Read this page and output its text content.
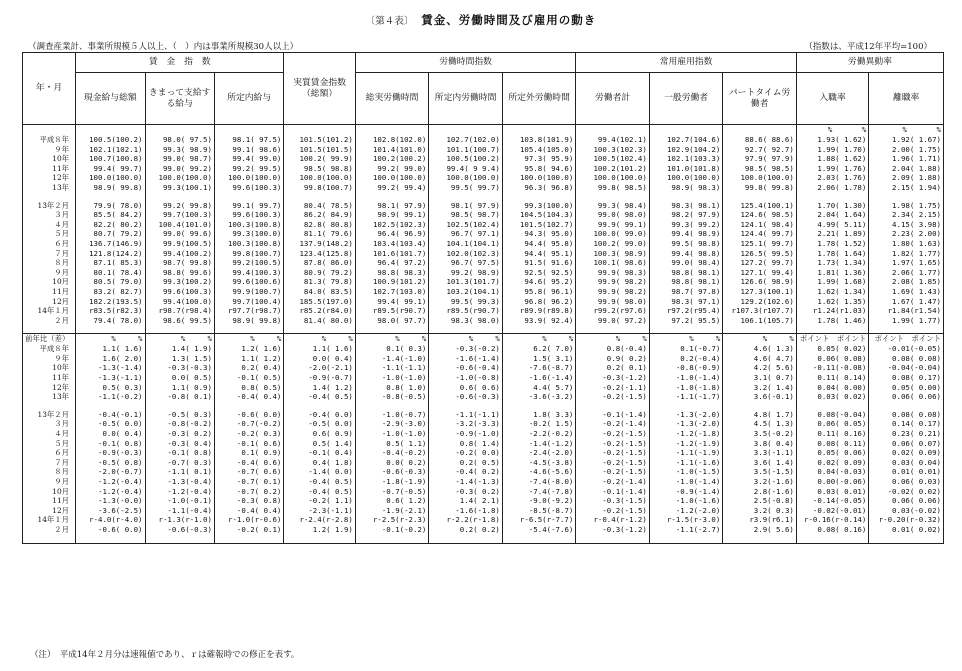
〔第４表〕 賃金、労働時間及び雇用の動き
（調査産業計、事業所規模５人以上、（　）内は事業所規模30人以上）	（指数は、平成12年平均=100）
年・月	賃　金　指　数			実質賃金指数（総額）	労働時間指数			常用雇用指数			労働異動率	
	現金給与総額	きまって支給する給与	所定内給与		総実労働時間	所定内労働時間	所定外労働時間	労働者計	一般労働者	パートタイム労働者	入職率	離職率
											%　　　　%	%　　　　%
平成８年	100.5(100.2)	98.0( 97.5)	98.1( 97.5)	101.5(101.2)	102.8(102.0)	102.7(102.0)	103.8(101.9)	99.4(102.1)	102.7(104.6)	88.6( 88.6)	1.93( 1.62)	1.92( 1.67)
９年	102.1(102.1)	99.3( 98.9)	99.1( 98.6)	101.5(101.5)	101.4(101.0)	101.1(100.7)	105.4(105.0)	100.3(102.3)	102.9(104.2)	92.7( 92.7)	1.99( 1.70)	2.00( 1.75)
10年	100.7(100.8)	99.0( 98.7)	99.4( 99.0)	100.2( 99.9)	100.2(100.2)	100.5(100.2)	97.3( 95.9)	100.5(102.4)	102.1(103.3)	97.9( 97.9)	1.88( 1.62)	1.96( 1.71)
11年	99.4( 99.7)	99.0( 99.2)	99.2( 99.5)	98.5( 98.8)	99.2( 99.0)	99.4( 9 9.4)	95.8( 94.6)	100.2(101.2)	101.0(101.8)	98.5( 98.5)	1.99( 1.76)	2.04( 1.88)
12年	100.0(100.0)	100.0(100.0)	100.0(100.0)	100.0(100.0)	100.0(100.0)	100.0(100.0)	100.0(100.0)	100.0(100.0)	100.0(100.0)	100.0(100.0)	2.03( 1.76)	2.09( 1.88)
13年	98.9( 99.8)	99.3(100.1)	99.6(100.3)	99.8(100.7)	99.2( 99.4)	99.5( 99.7)	96.3( 96.8)	99.8( 98.5)	98.9( 98.3)	99.8( 99.8)	2.06( 1.78)	2.15( 1.94)

13年２月	79.9( 78.0)	99.2( 99.8)	99.1( 99.7)	80.4( 78.5)	98.1( 97.9)	98.1( 97.9)	99.3(100.0)	99.3( 98.4)	98.3( 98.1)	125.4(100.1)	1.70( 1.30)	1.98( 1.75)
３月	85.5( 84.2)	99.7(100.3)	99.6(100.3)	86.2( 84.9)	98.9( 99.1)	98.5( 98.7)	104.5(104.3)	99.0( 98.0)	98.2( 97.9)	124.6( 98.5)	2.04( 1.64)	2.34( 2.15)
４月	82.2( 80.2)	100.4(101.0)	100.3(100.8)	82.8( 80.8)	102.5(102.3)	102.5(102.4)	101.5(102.7)	99.9( 99.1)	99.3( 99.2)	124.1( 98.4)	4.99( 5.11)	4.15( 3.98)
５月	80.7( 79.2)	99.0( 99.6)	99.3(100.0)	81.1( 79.6)	96.4( 96.9)	96.7( 97.1)	94.3( 95.0)	100.0( 99.0)	99.4( 98.9)	124.4( 99.7)	2.21( 1.89)	2.23( 2.00)
６月	136.7(146.9)	99.9(100.5)	100.3(100.8)	137.9(148.2)	103.4(103.4)	104.1(104.1)	94.4( 95.8)	100.2( 99.0)	99.5( 98.8)	125.1( 99.7)	1.78( 1.52)	1.80( 1.63)
７月	121.8(124.2)	99.4(100.2)	99.8(100.7)	123.4(125.8)	101.6(101.7)	102.0(102.3)	94.4( 95.1)	100.3( 98.9)	99.4( 98.8)	126.5( 99.5)	1.78( 1.64)	1.82( 1.77)
８月	87.1( 85.3)	98.7( 99.8)	99.2(100.5)	87.8( 86.0)	96.4( 97.2)	96.7( 97.5)	91.5( 91.6)	100.1( 98.6)	99.0( 98.4)	127.2( 99.7)	1.73( 1.34)	1.97( 1.65)
９月	80.1( 78.4)	98.8( 99.6)	99.4(100.3)	80.9( 79.2)	98.8( 98.3)	99.2( 98.9)	92.5( 92.5)	99.9( 98.3)	98.8( 98.1)	127.1( 99.4)	1.81( 1.36)	2.06( 1.77)
10月	80.5( 79.0)	99.3(100.2)	99.6(100.6)	81.3( 79.8)	100.9(101.2)	101.3(101.7)	94.6( 95.2)	99.9( 98.2)	98.8( 98.1)	126.6( 98.9)	1.99( 1.68)	2.08( 1.85)
11月	83.2( 82.7)	99.6(100.3)	99.9(100.7)	84.0( 83.5)	102.7(103.0)	103.2(104.1)	95.8( 96.1)	99.9( 98.2)	98.7( 97.8)	127.3(100.1)	1.62( 1.34)	1.69( 1.43)
12月	182.2(193.5)	99.4(100.0)	99.7(100.4)	185.5(197.0)	99.4( 99.1)	99.5( 99.3)	96.8( 96.2)	99.9( 98.0)	98.3( 97.1)	129.2(102.6)	1.62( 1.35)	1.67( 1.47)
14年１月	r83.5(r82.3)	r98.7(r98.4)	r97.7(r98.7)	r85.2(r84.0)	r89.5(r90.7)	r89.5(r90.7)	r89.9(r89.8)	r99.2(r97.6)	r97.2(r95.4)	r107.3(r107.7)	r1.24(r1.03)	r1.84(r1.54)
２月	79.4( 78.0)	98.6( 99.5)	98.9( 99.8)	81.4( 80.0)	98.0( 97.7)	98.3( 98.0)	93.9( 92.4)	99.0( 97.2)	97.2( 95.5)	106.1(105.7)	1.78( 1.46)	1.99( 1.77)

前年比（差）	%　　　%	%　　　%	%　　　%	%　　　%	%　　　%	%　　　%	%　　　%	%　　　%	%　　　%	%　　　%	ポイント　ポイント	ポイント　ポイント
平成８年	1.1( 1.6)	1.4( 1.9)	1.2( 1.6)	1.1( 1.6)	0.1( 0.3)	-0.3(-0.2)	6.2( 7.0)	0.8(-0.4)	0.1(-0.7)	4.6( 1.3)	0.05( 0.02)	-0.01(-0.05)
９年	1.6( 2.0)	1.3( 1.5)	1.1( 1.2)	0.0( 0.4)	-1.4(-1.0)	-1.6(-1.4)	1.5( 3.1)	0.9( 0.2)	0.2(-0.4)	4.6( 4.7)	0.06( 0.08)	0.08( 0.08)
10年	-1.3(-1.4)	-0.3(-0.3)	0.2( 0.4)	-2.0(-2.1)	-1.1(-1.1)	-0.6(-0.4)	-7.6(-8.7)	0.2( 0.1)	-0.8(-0.9)	4.2( 5.6)	-0.11(-0.08)	-0.04(-0.04)
11年	-1.3(-1.1)	0.0( 0.5)	-0.1( 0.5)	-0.9(-0.7)	-1.0(-1.0)	-1.0(-0.8)	-1.6(-1.4)	-0.3(-1.2)	-1.0(-1.4)	3.1( 0.7)	0.11( 0.14)	0.08( 0.17)
12年	0.5( 0.3)	1.1( 0.9)	0.8( 0.5)	1.4( 1.2)	0.8( 1.0)	0.6( 0.6)	4.4( 5.7)	-0.2(-1.1)	-1.0(-1.8)	3.2( 1.4)	0.04( 0.00)	0.05( 0.00)
13年	-1.1(-0.2)	-0.8( 0.1)	-0.4( 0.4)	-0.4( 0.5)	-0.8(-0.5)	-0.6(-0.3)	-3.6(-3.2)	-0.2(-1.5)	-1.1(-1.7)	3.6(-0.1)	0.03( 0.02)	0.06( 0.06)

13年２月	-0.4(-0.1)	-0.5( 0.3)	-0.6( 0.0)	-0.4( 0.0)	-1.0(-0.7)	-1.1(-1.1)	1.8( 3.3)	-0.1(-1.4)	-1.3(-2.0)	4.8( 1.7)	0.08(-0.04)	0.08( 0.08)
３月	-0.5( 0.0)	-0.8(-0.2)	-0.7(-0.2)	-0.5( 0.0)	-2.9(-3.0)	-3.2(-3.3)	-0.2( 1.5)	-0.2(-1.4)	-1.3(-2.0)	4.5( 1.3)	0.06( 0.05)	0.14( 0.17)
４月	0.0( 0.4)	-0.3( 0.2)	-0.2( 0.3)	0.6( 0.9)	-1.0(-1.0)	-0.9(-1.0)	-2.2(-0.2)	-0.2(-1.5)	-1.2(-1.8)	3.5(-0.2)	0.11( 0.16)	0.23( 0.21)
５月	-0.1( 0.8)	-0.3( 0.4)	-0.1( 0.6)	0.5( 1.4)	0.5( 1.1)	0.8( 1.4)	-1.4(-1.2)	-0.2(-1.5)	-1.2(-1.9)	3.8( 0.4)	0.08( 0.11)	0.06( 0.07)
６月	-0.9(-0.3)	-0.1( 0.8)	0.1( 0.9)	-0.1( 0.4)	-0.4(-0.2)	-0.2( 0.0)	-2.4(-2.0)	-0.2(-1.5)	-1.1(-1.9)	3.3(-1.1)	0.05( 0.06)	0.02( 0.09)
７月	-0.5( 0.8)	-0.7( 0.3)	-0.4( 0.6)	0.4( 1.8)	0.0( 0.2)	0.2( 0.5)	-4.5(-3.8)	-0.2(-1.5)	-1.1(-1.6)	3.6( 1.4)	0.02( 0.09)	0.03( 0.04)
８月	-2.0(-0.7)	-1.1( 0.1)	-0.7( 0.6)	-1.4( 0.0)	-0.6(-0.3)	-0.4( 0.2)	-4.6(-5.6)	-0.2(-1.5)	-1.0(-1.5)	3.5(-1.5)	0.04(-0.03)	0.01( 0.01)
９月	-1.2(-0.4)	-1.3(-0.4)	-0.7( 0.1)	-0.4( 0.5)	-1.8(-1.9)	-1.4(-1.3)	-7.4(-8.0)	-0.2(-1.4)	-1.0(-1.4)	3.2(-1.6)	0.00(-0.06)	0.06( 0.03)
10月	-1.2(-0.4)	-1.2(-0.4)	-0.7( 0.2)	-0.4( 0.5)	-0.7(-0.5)	-0.3( 0.2)	-7.4(-7.8)	-0.1(-1.4)	-0.9(-1.4)	2.8(-1.6)	0.03( 0.01)	-0.02( 0.02)
11月	-1.3(-0.0)	-1.0(-0.1)	-0.3( 0.8)	-0.2( 1.1)	0.6( 1.2)	1.4( 2.1)	-9.0(-9.2)	-0.3(-1.5)	-1.0(-1.6)	2.5(-0.8)	-0.14(-0.05)	0.06( 0.06)
12月	-3.6(-2.5)	-1.1(-0.4)	-0.4( 0.4)	-2.3(-1.1)	-1.9(-2.1)	-1.6(-1.8)	-8.5(-8.7)	-0.2(-1.5)	-1.2(-2.0)	3.2( 0.3)	-0.02(-0.01)	0.03(-0.02)
14年１月	r-4.0(r-4.0)	r-1.3(r-1.0)	r-1.0(r-0.6)	r-2.4(r-2.8)	r-2.5(r-2.3)	r-2.2(r-1.8)	r-6.5(r-7.7)	r-0.4(r-1.2)	r-1.5(r-3.0)	r3.9(r6.1)	r-0.16(r-0.14)	r-0.20(r-0.32)
２月	-0.6( 0.0)	-0.6(-0.3)	-0.2( 0.1)	1.2( 1.9)	-0.1(-0.2)	0.2( 0.2)	-5.4(-7.6)	-0.3(-1.2)	-1.1(-2.7)	2.9( 5.6)	0.08( 0.16)	0.01( 0.02)

（注）　平成14年２月分は速報値であり、ｒは確報時での修正を表す。
